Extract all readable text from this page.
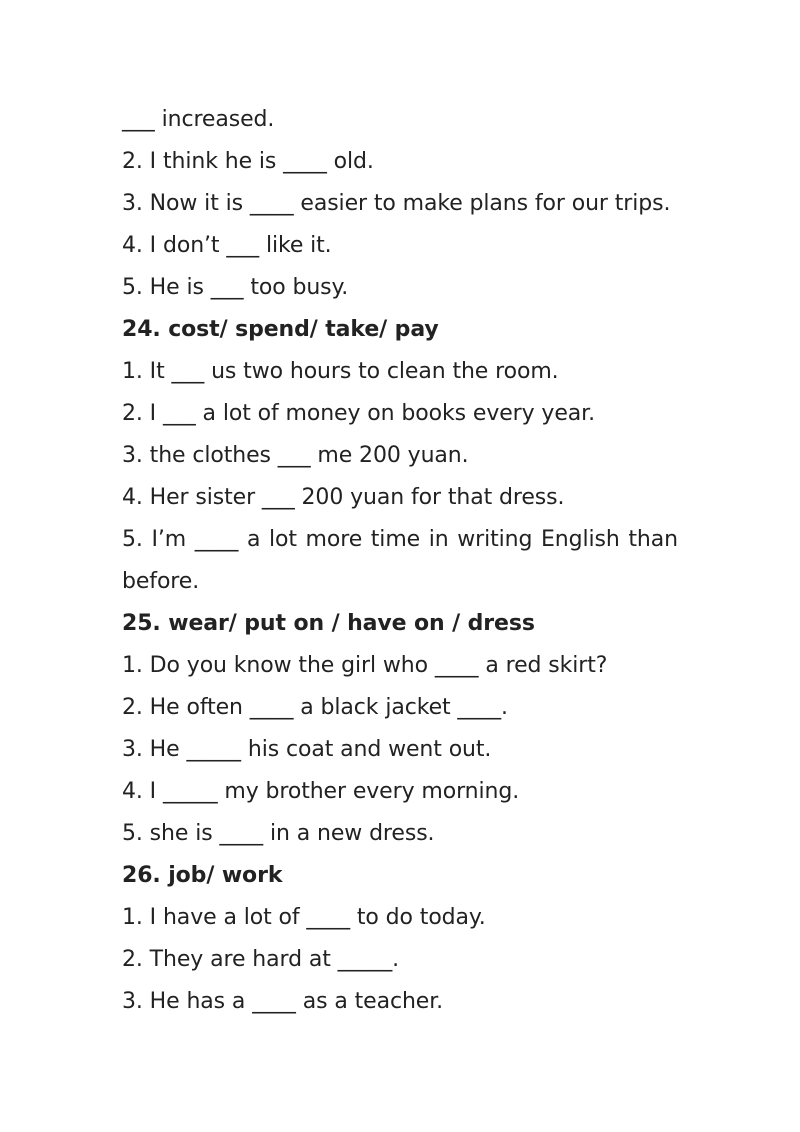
___ increased.
2. I think he is ____ old.
3. Now it is ____ easier to make plans for our trips.
4. I don’t ___ like it.
5. He is ___ too busy.
24. cost/ spend/ take/ pay
1. It ___ us two hours to clean the room.
2. I ___ a lot of money on books every year.
3. the clothes ___ me 200 yuan.
4. Her sister ___ 200 yuan for that dress.
5. I’m ____ a lot more time in writing English than
before.
25. wear/ put on / have on / dress
1. Do you know the girl who ____ a red skirt?
2. He often ____ a black jacket ____.
3. He _____ his coat and went out.
4. I _____ my brother every morning.
5. she is ____ in a new dress.
26. job/ work
1. I have a lot of ____ to do today.
2. They are hard at _____.
3. He has a ____ as a teacher.
